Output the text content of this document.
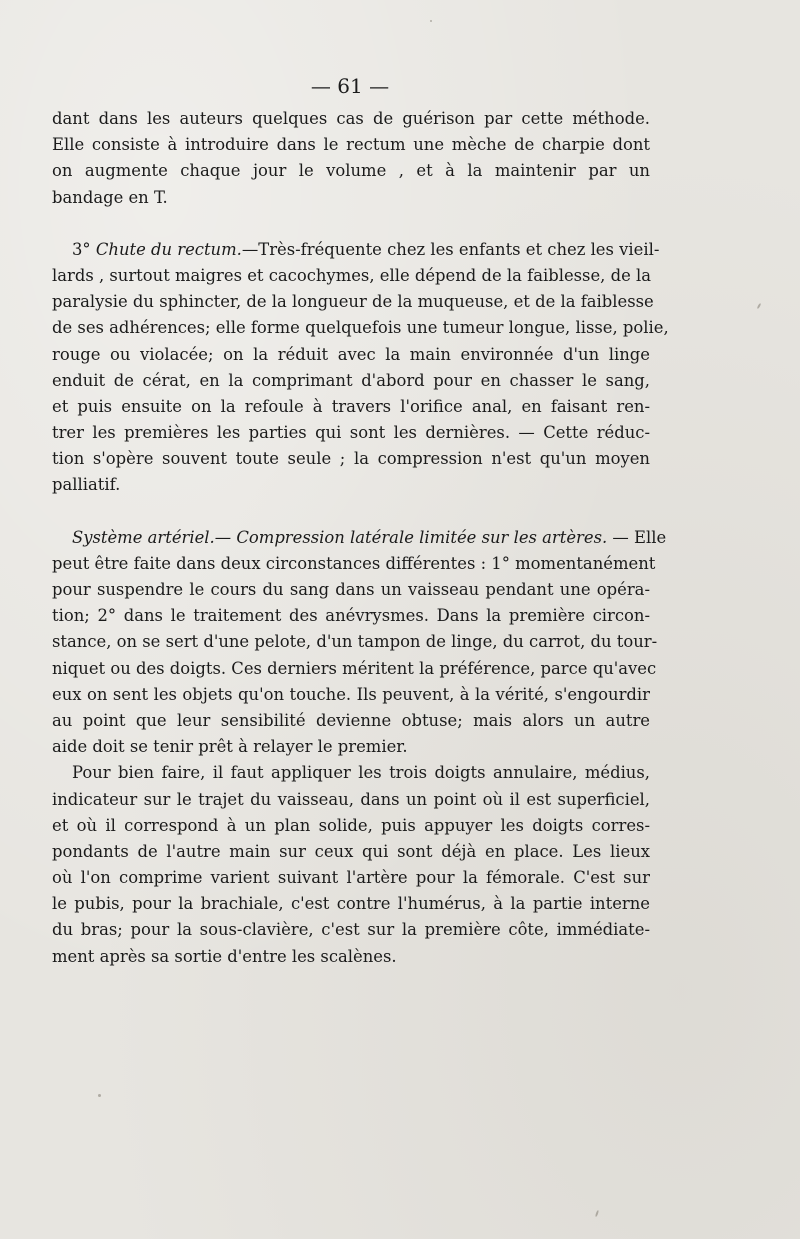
— 61 —
dant dans les auteurs quelques cas de guérison par cette méthode.
Elle consiste à introduire dans le rectum une mèche de charpie dont
on augmente chaque jour le volume , et à la maintenir par un
bandage en T.
3° Chute du rectum.—Très-fréquente chez les enfants et chez les vieil-
lards , surtout maigres et cacochymes, elle dépend de la faiblesse, de la
paralysie du sphincter, de la longueur de la muqueuse, et de la faiblesse
de ses adhérences; elle forme quelquefois une tumeur longue, lisse, polie,
rouge ou violacée; on la réduit avec la main environnée d'un linge
enduit de cérat, en la comprimant d'abord pour en chasser le sang,
et puis ensuite on la refoule à travers l'orifice anal, en faisant ren-
trer les premières les parties qui sont les dernières. — Cette réduc-
tion s'opère souvent toute seule ; la compression n'est qu'un moyen
palliatif.
Système artériel.— Compression latérale limitée sur les artères. — Elle
peut être faite dans deux circonstances différentes : 1° momentanément
pour suspendre le cours du sang dans un vaisseau pendant une opéra-
tion; 2° dans le traitement des anévrysmes. Dans la première circon-
stance, on se sert d'une pelote, d'un tampon de linge, du carrot, du tour-
niquet ou des doigts. Ces derniers méritent la préférence, parce qu'avec
eux on sent les objets qu'on touche. Ils peuvent, à la vérité, s'engourdir
au point que leur sensibilité devienne obtuse; mais alors un autre
aide doit se tenir prêt à relayer le premier.
Pour bien faire, il faut appliquer les trois doigts annulaire, médius,
indicateur sur le trajet du vaisseau, dans un point où il est superficiel,
et où il correspond à un plan solide, puis appuyer les doigts corres-
pondants de l'autre main sur ceux qui sont déjà en place. Les lieux
où l'on comprime varient suivant l'artère pour la fémorale. C'est sur
le pubis, pour la brachiale, c'est contre l'humérus, à la partie interne
du bras; pour la sous-clavière, c'est sur la première côte, immédiate-
ment après sa sortie d'entre les scalènes.
